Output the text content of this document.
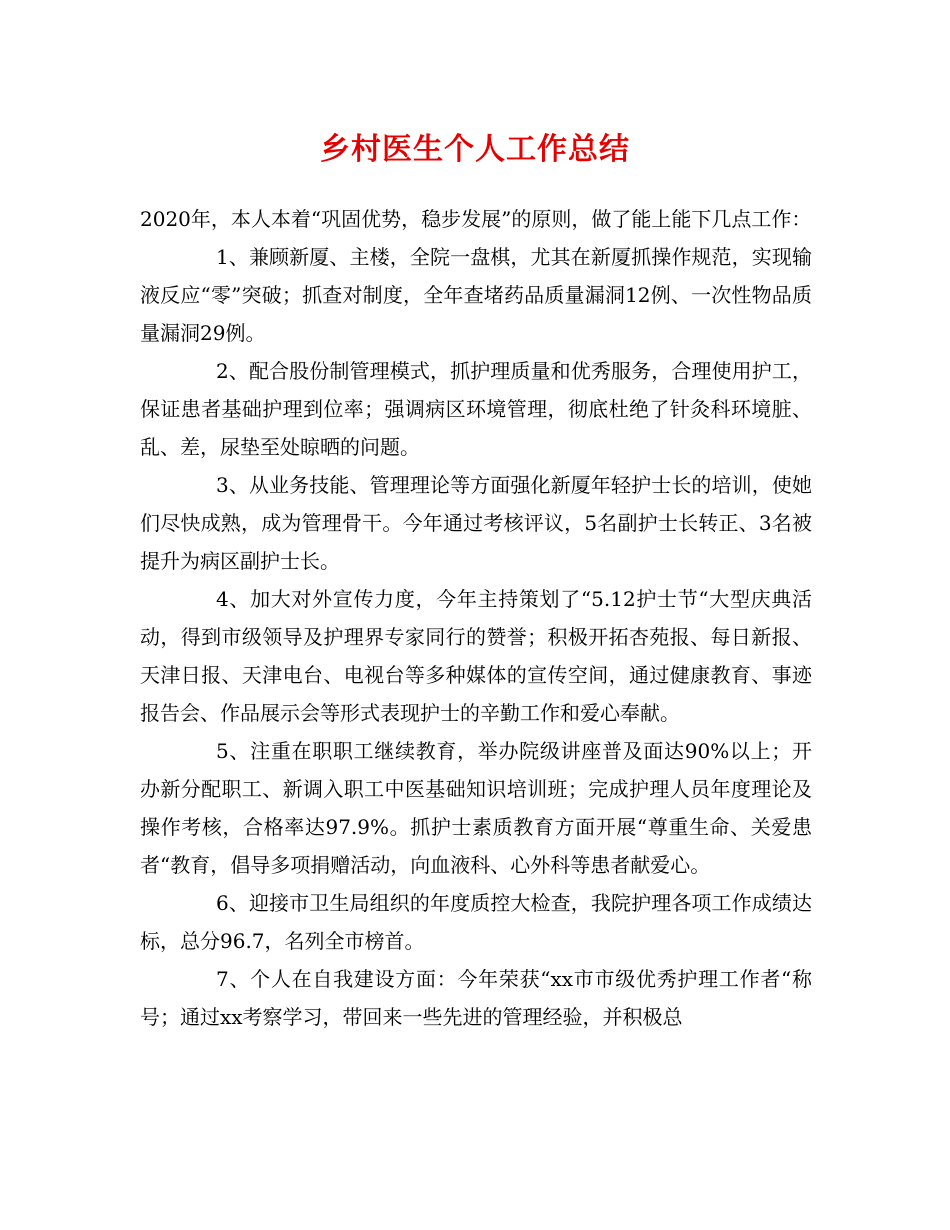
乡村医生个人工作总结

2020年，本人本着“巩固优势，稳步发展”的原则，做了能上能下几点工作：

1、兼顾新厦、主楼，全院一盘棋，尤其在新厦抓操作规范，实现输液反应“零”突破；抓查对制度，全年查堵药品质量漏洞12例、一次性物品质量漏洞29例。

2、配合股份制管理模式，抓护理质量和优秀服务，合理使用护工，保证患者基础护理到位率；强调病区环境管理，彻底杜绝了针灸科环境脏、乱、差，尿垫至处晾晒的问题。

3、从业务技能、管理理论等方面强化新厦年轻护士长的培训，使她们尽快成熟，成为管理骨干。今年通过考核评议，5名副护士长转正、3名被提升为病区副护士长。

4、加大对外宣传力度，今年主持策划了“5.12护士节“大型庆典活动，得到市级领导及护理界专家同行的赞誉；积极开拓杏苑报、每日新报、天津日报、天津电台、电视台等多种媒体的宣传空间，通过健康教育、事迹报告会、作品展示会等形式表现护士的辛勤工作和爱心奉献。

5、注重在职职工继续教育，举办院级讲座普及面达90%以上；开办新分配职工、新调入职工中医基础知识培训班；完成护理人员年度理论及操作考核，合格率达97.9%。抓护士素质教育方面开展“尊重生命、关爱患者“教育，倡导多项捐赠活动，向血液科、心外科等患者献爱心。

6、迎接市卫生局组织的年度质控大检查，我院护理各项工作成绩达标，总分96.7，名列全市榜首。

7、个人在自我建设方面：今年荣获“xx市市级优秀护理工作者“称号；通过xx考察学习，带回来一些先进的管理经验，并积极总
